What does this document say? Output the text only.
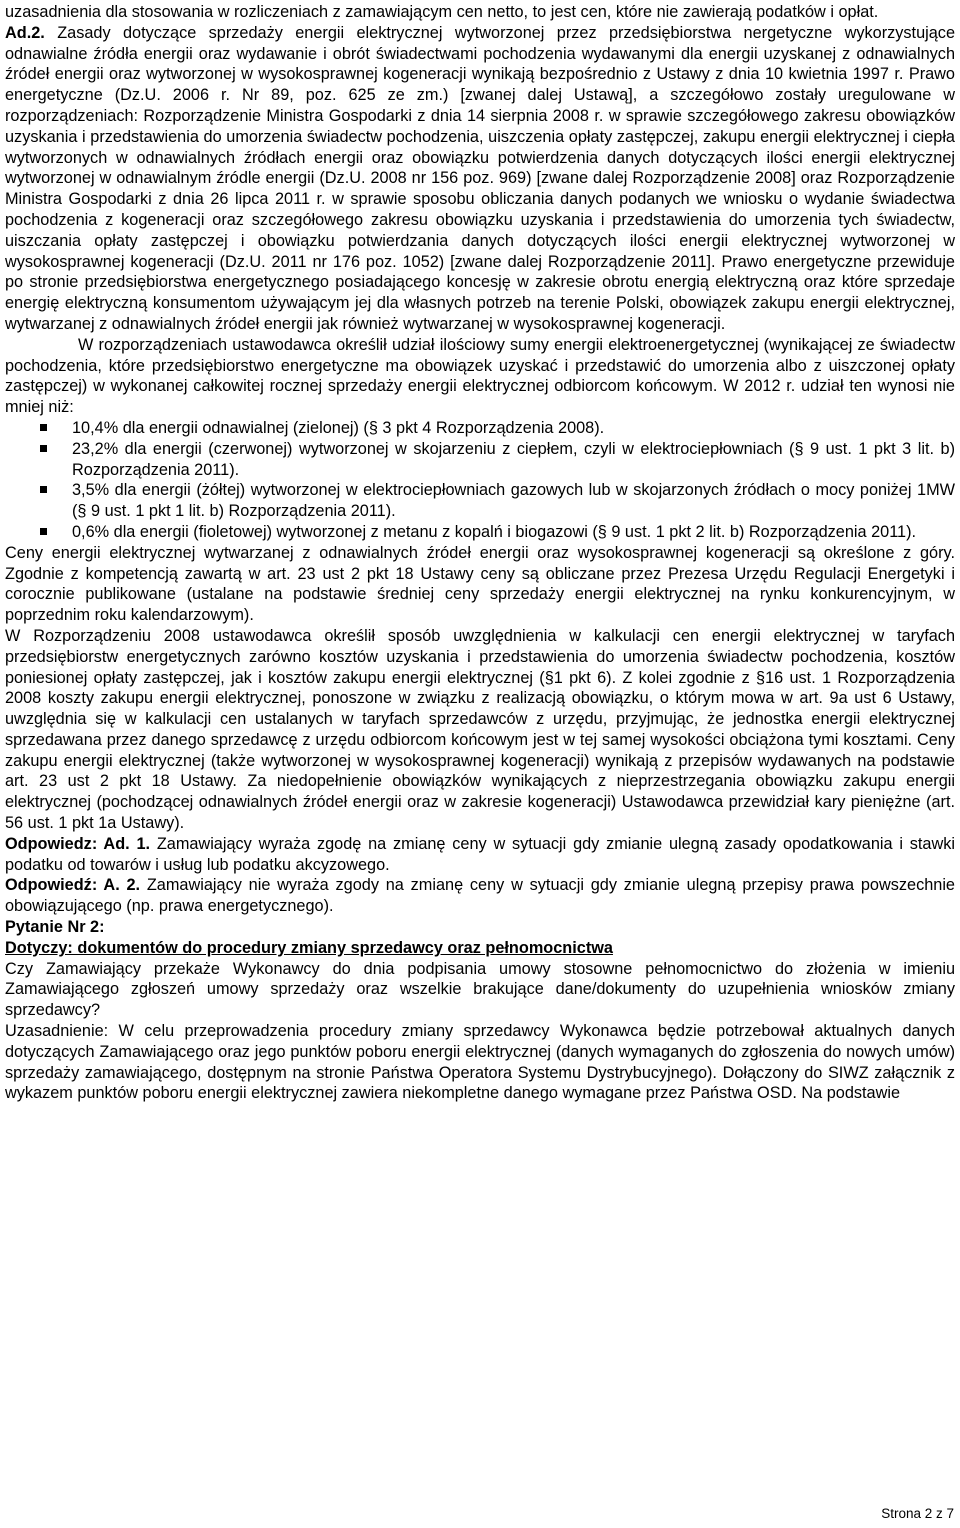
uzasadnienia dla stosowania w rozliczeniach z zamawiającym cen netto, to jest cen, które nie zawierają podatków i opłat.

Ad.2. Zasady dotyczące sprzedaży energii elektrycznej wytworzonej przez przedsiębiorstwa nergetyczne wykorzystujące odnawialne źródła energii oraz wydawanie i obrót świadectwami pochodzenia wydawanymi dla energii uzyskanej z odnawialnych źródeł energii oraz wytworzonej w wysokosprawnej kogeneracji wynikają bezpośrednio z Ustawy z dnia 10 kwietnia 1997 r. Prawo energetyczne (Dz.U. 2006 r. Nr 89, poz. 625 ze zm.) [zwanej dalej Ustawą], a szczegółowo zostały uregulowane w rozporządzeniach: Rozporządzenie Ministra Gospodarki z dnia 14 sierpnia 2008 r. w sprawie szczegółowego zakresu obowiązków uzyskania i przedstawienia do umorzenia świadectw pochodzenia, uiszczenia opłaty zastępczej, zakupu energii elektrycznej i ciepła wytworzonych w odnawialnych źródłach energii oraz obowiązku potwierdzenia danych dotyczących ilości energii elektrycznej wytworzonej w odnawialnym źródle energii (Dz.U. 2008 nr 156 poz. 969) [zwane dalej Rozporządzenie 2008] oraz Rozporządzenie Ministra Gospodarki z dnia 26 lipca 2011 r. w sprawie sposobu obliczania danych podanych we wniosku o wydanie świadectwa pochodzenia z kogeneracji oraz szczegółowego zakresu obowiązku uzyskania i przedstawienia do umorzenia tych świadectw, uiszczania opłaty zastępczej i obowiązku potwierdzania danych dotyczących ilości energii elektrycznej wytworzonej w wysokosprawnej kogeneracji (Dz.U. 2011 nr 176 poz. 1052) [zwane dalej Rozporządzenie 2011]. Prawo energetyczne przewiduje po stronie przedsiębiorstwa energetycznego posiadającego koncesję w zakresie obrotu energią elektryczną oraz które sprzedaje energię elektryczną konsumentom używającym jej dla własnych potrzeb na terenie Polski, obowiązek zakupu energii elektrycznej, wytwarzanej z odnawialnych źródeł energii jak również wytwarzanej w wysokosprawnej kogeneracji.

W rozporządzeniach ustawodawca określił udział ilościowy sumy energii elektroenergetycznej (wynikającej ze świadectw pochodzenia, które przedsiębiorstwo energetyczne ma obowiązek uzyskać i przedstawić do umorzenia albo z uiszczonej opłaty zastępczej) w wykonanej całkowitej rocznej sprzedaży energii elektrycznej odbiorcom końcowym. W 2012 r. udział ten wynosi nie mniej niż:

10,4% dla energii odnawialnej (zielonej) (§ 3 pkt 4 Rozporządzenia 2008).
23,2% dla energii (czerwonej) wytworzonej w skojarzeniu z ciepłem, czyli w elektrociepłowniach (§ 9 ust. 1 pkt 3 lit. b) Rozporządzenia 2011).
3,5% dla energii (żółtej) wytworzonej w elektrociepłowniach gazowych lub w skojarzonych źródłach o mocy poniżej 1MW (§ 9 ust. 1 pkt 1 lit. b) Rozporządzenia 2011).
0,6% dla energii (fioletowej) wytworzonej z metanu z kopalń i biogazowi (§ 9 ust. 1 pkt 2 lit. b) Rozporządzenia 2011).

Ceny energii elektrycznej wytwarzanej z odnawialnych źródeł energii oraz wysokosprawnej kogeneracji są określone z góry. Zgodnie z kompetencją zawartą w art. 23 ust 2 pkt 18 Ustawy ceny są obliczane przez Prezesa Urzędu Regulacji Energetyki i corocznie publikowane (ustalane na podstawie średniej ceny sprzedaży energii elektrycznej na rynku konkurencyjnym, w poprzednim roku kalendarzowym).

W Rozporządzeniu 2008 ustawodawca określił sposób uwzględnienia w kalkulacji cen energii elektrycznej w taryfach przedsiębiorstw energetycznych zarówno kosztów uzyskania i przedstawienia do umorzenia świadectw pochodzenia, kosztów poniesionej opłaty zastępczej, jak i kosztów zakupu energii elektrycznej (§1 pkt 6). Z kolei zgodnie z §16 ust. 1 Rozporządzenia 2008 koszty zakupu energii elektrycznej, ponoszone w związku z realizacją obowiązku, o którym mowa w art. 9a ust 6 Ustawy, uwzględnia się w kalkulacji cen ustalanych w taryfach sprzedawców z urzędu, przyjmując, że jednostka energii elektrycznej sprzedawana przez danego sprzedawcę z urzędu odbiorcom końcowym jest w tej samej wysokości obciążona tymi kosztami. Ceny zakupu energii elektrycznej (także wytworzonej w wysokosprawnej kogeneracji) wynikają z przepisów wydawanych na podstawie art. 23 ust 2 pkt 18 Ustawy. Za niedopełnienie obowiązków wynikających z nieprzestrzegania obowiązku zakupu energii elektrycznej (pochodzącej odnawialnych źródeł energii oraz w zakresie kogeneracji) Ustawodawca przewidział kary pieniężne (art. 56 ust. 1 pkt 1a Ustawy).

Odpowiedz: Ad. 1. Zamawiający wyraża zgodę na zmianę ceny w sytuacji gdy zmianie ulegną zasady opodatkowania i stawki podatku od towarów i usług lub podatku akcyzowego.

Odpowiedź: A. 2. Zamawiający nie wyraża zgody na zmianę ceny w sytuacji gdy zmianie ulegną przepisy prawa powszechnie obowiązującego (np. prawa energetycznego).

Pytanie Nr 2:

Dotyczy: dokumentów do procedury zmiany sprzedawcy oraz pełnomocnictwa

Czy Zamawiający przekaże Wykonawcy do dnia podpisania umowy stosowne pełnomocnictwo do złożenia w imieniu Zamawiającego zgłoszeń umowy sprzedaży oraz wszelkie brakujące dane/dokumenty do uzupełnienia wniosków zmiany sprzedawcy?

Uzasadnienie: W celu przeprowadzenia procedury zmiany sprzedawcy Wykonawca będzie potrzebował aktualnych danych dotyczących Zamawiającego oraz jego punktów poboru energii elektrycznej (danych wymaganych do zgłoszenia do nowych umów) sprzedaży zamawiającego, dostępnym na stronie Państwa Operatora Systemu Dystrybucyjnego). Dołączony do SIWZ załącznik z wykazem punktów poboru energii elektrycznej zawiera niekompletne danego wymagane przez Państwa OSD. Na podstawie

Strona 2 z 7
